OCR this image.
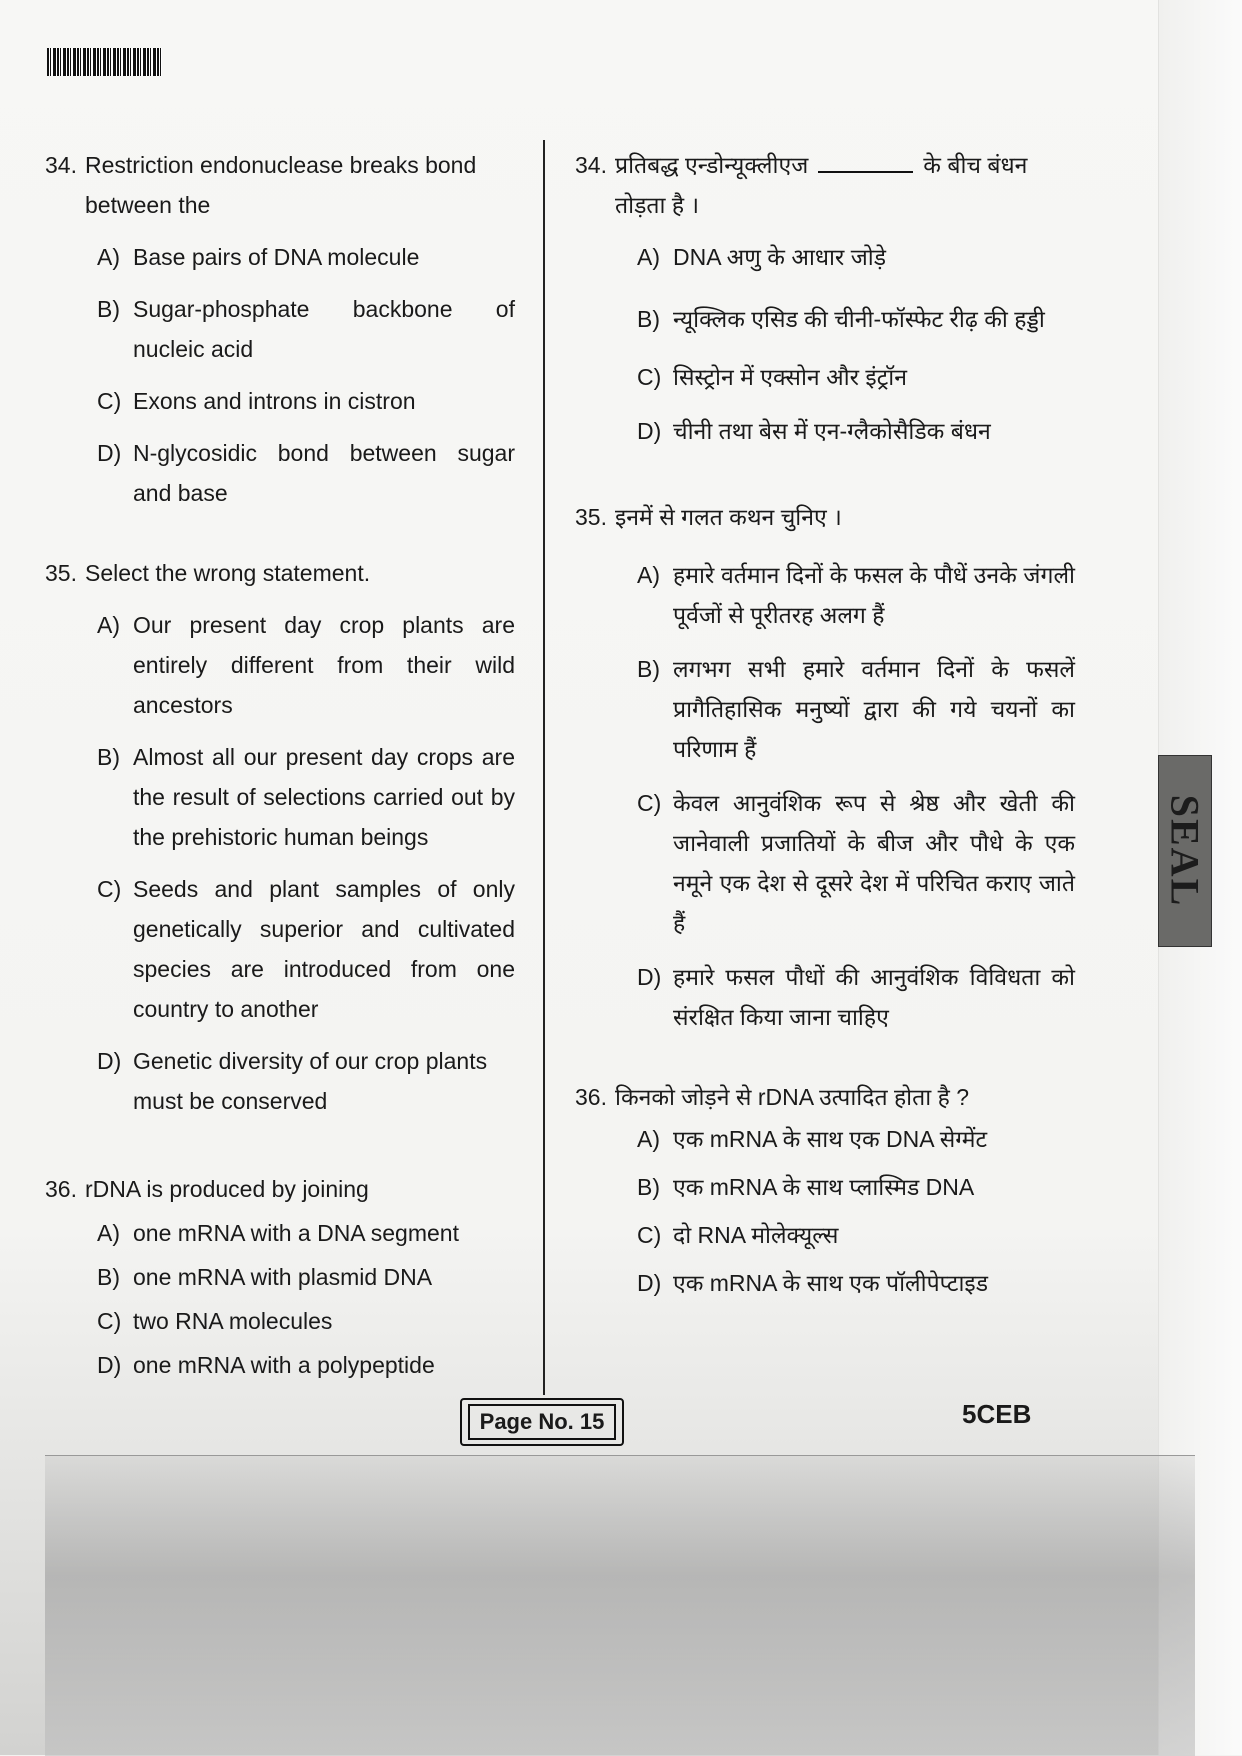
34. Restriction endonuclease breaks bond between the
A) Base pairs of DNA molecule
B) Sugar-phosphate backbone of nucleic acid
C) Exons and introns in cistron
D) N-glycosidic bond between sugar and base
35. Select the wrong statement.
A) Our present day crop plants are entirely different from their wild ancestors
B) Almost all our present day crops are the result of selections carried out by the prehistoric human beings
C) Seeds and plant samples of only genetically superior and cultivated species are introduced from one country to another
D) Genetic diversity of our crop plants must be conserved
36. rDNA is produced by joining
A) one mRNA with a DNA segment
B) one mRNA with plasmid DNA
C) two RNA molecules
D) one mRNA with a polypeptide
34. प्रतिबद्ध एन्डोन्यूक्लीएज	के बीच बंधन तोड़ता है ।
A) DNA अणु के आधार जोड़े
B) न्यूक्लिक एसिड की चीनी-फॉस्फेट रीढ़ की हड्डी
C) सिस्ट्रोन में एक्सोन और इंट्रॉन
D) चीनी तथा बेस में एन-ग्लैकोसैडिक बंधन
35. इनमें से गलत कथन चुनिए ।
A) हमारे वर्तमान दिनों के फसल के पौधें उनके जंगली पूर्वजों से पूरीतरह अलग हैं
B) लगभग सभी हमारे वर्तमान दिनों के फसलें प्रागैतिहासिक मनुष्यों द्वारा की गये चयनों का परिणाम हैं
C) केवल आनुवंशिक रूप से श्रेष्ठ और खेती की जानेवाली प्रजातियों के बीज और पौधे के एक नमूने एक देश से दूसरे देश में परिचित कराए जाते हैं
D) हमारे फसल पौधों की आनुवंशिक विविधता को संरक्षित किया जाना चाहिए
36. किनको जोड़ने से rDNA उत्पादित होता है ?
A) एक mRNA के साथ एक DNA सेग्मेंट
B) एक mRNA के साथ प्लास्मिड DNA
C) दो RNA मोलेक्यूल्स
D) एक mRNA के साथ एक पॉलीपेप्टाइड
Page No. 15	5CEB
SEAL
